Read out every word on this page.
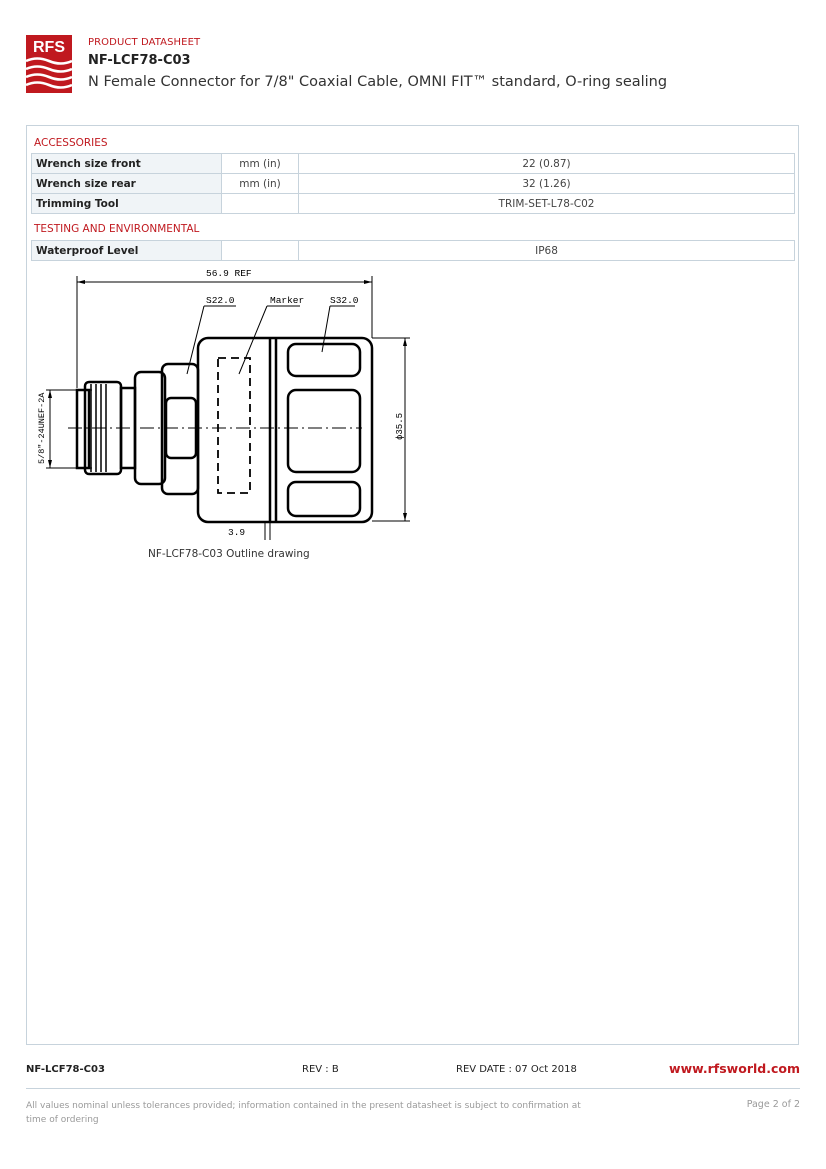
RFS PRODUCT DATASHEET
NF-LCF78-C03
N Female Connector for 7/8" Coaxial Cable, OMNI FIT™ standard, O-ring sealing
ACCESSORIES
Wrench size front	mm (in)	22 (0.87)
Wrench size rear	mm (in)	32 (1.26)
Trimming Tool		TRIM-SET-L78-C02
TESTING AND ENVIRONMENTAL
Waterproof Level		IP68
56.9 REF
S22.0	Marker	S32.0
3.9
5/8"-24UNEF-2A	ϕ35.5
NF-LCF78-C03 Outline drawing
NF-LCF78-C03	REV : B	REV DATE : 07 Oct 2018	www.rfsworld.com
All values nominal unless tolerances provided; information contained in the present datasheet is subject to confirmation at time of ordering
Page 2 of 2
